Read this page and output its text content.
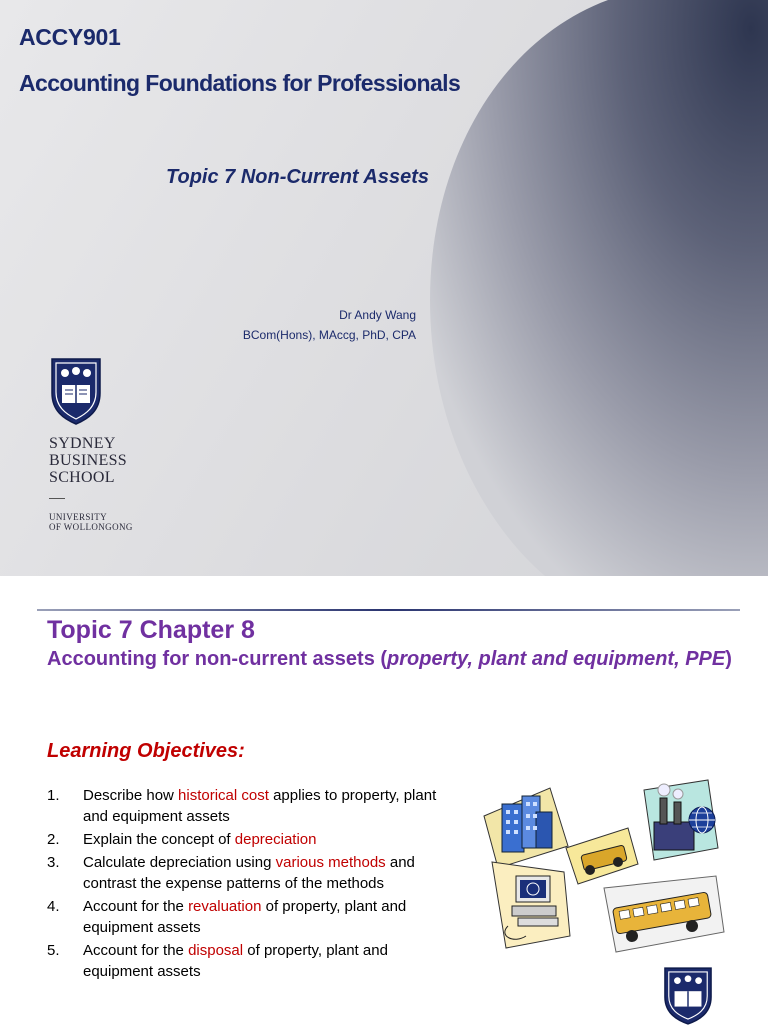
ACCY901
Accounting Foundations for Professionals
Topic 7 Non-Current Assets
Dr Andy Wang
BCom(Hons), MAccg, PhD, CPA
SYDNEY
BUSINESS
SCHOOL
UNIVERSITY
OF WOLLONGONG
Topic 7 Chapter 8
Accounting for non-current assets (property, plant and equipment, PPE)
Learning Objectives:
1. Describe how historical cost applies to property, plant and equipment assets
2. Explain the concept of depreciation
3. Calculate depreciation using various methods and contrast the expense patterns of the methods
4. Account for the revaluation of property, plant and equipment assets
5. Account for the disposal of property, plant and equipment assets
